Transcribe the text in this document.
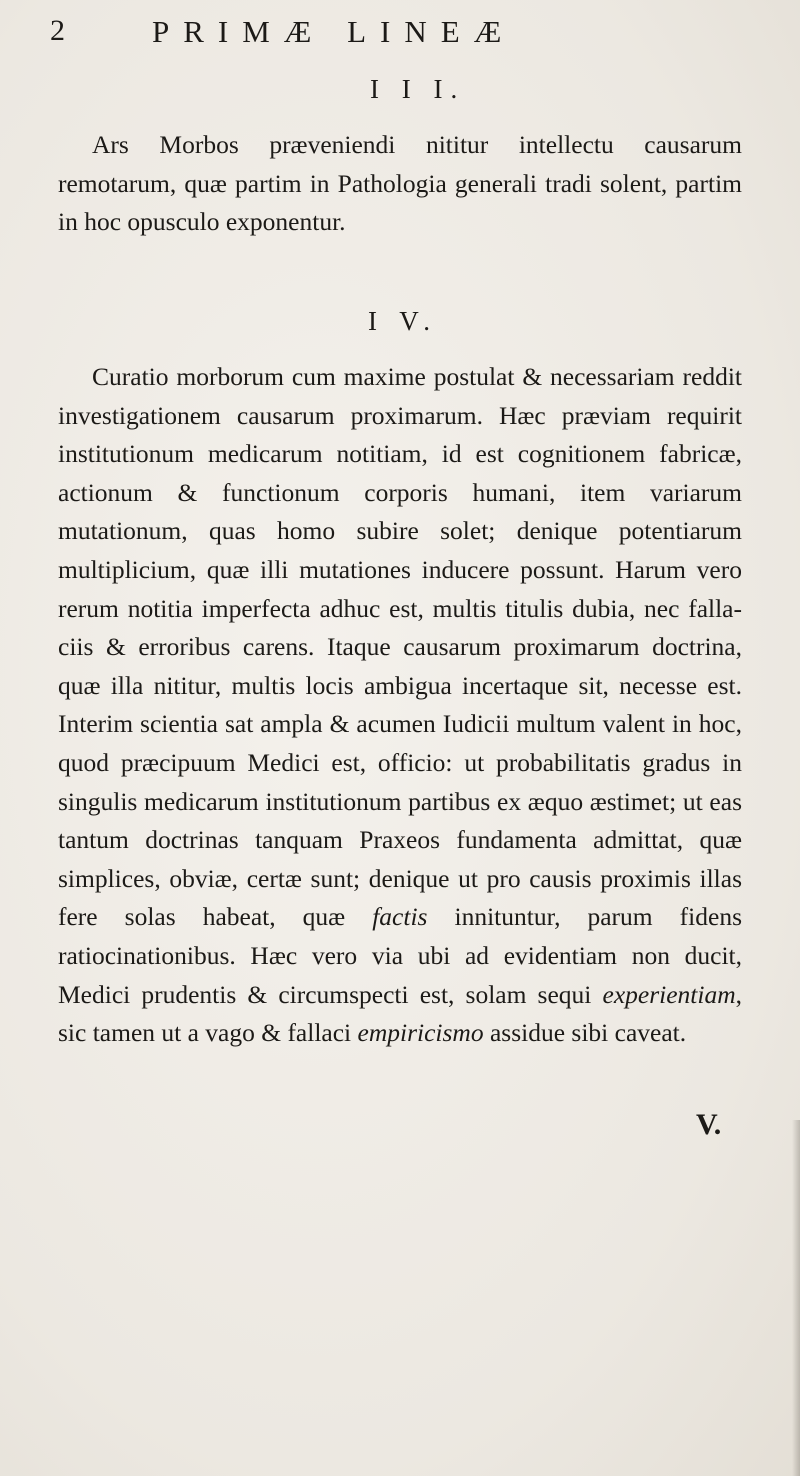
2	PRIMÆ LINEÆ
I I I.

Ars Morbos præveniendi nititur intellectu causarum remotarum, quæ partim in Pathologia generali tradi solent, partim in hoc opusculo exponentur.

I V.

Curatio morborum cum maxime postulat & necessariam reddit investigationem causarum proximarum. Hæc præviam requirit institutionum medicarum notitiam, id est cognitionem fabricæ, actionum & functionum corporis humani, item variarum mutationum, quas homo subire solet; denique potentiarum multiplicium, quæ illi mutationes inducere possunt. Harum vero rerum notitia imperfecta adhuc est, multis titulis dubia, nec fallaciis & erroribus carens. Itaque causarum proximarum doctrina, quæ illa nititur, multis locis ambigua incertaque sit, necesse est. Interim scientia sat ampla & acumen Iudicii multum valent in hoc, quod præcipuum Medici est, officio: ut probabilitatis gradus in singulis medicarum institutionum partibus ex æquo æstimet; ut eas tantum doctrinas tanquam Praxeos fundamenta admittat, quæ simplices, obviæ, certæ sunt; denique ut pro causis proximis illas fere solas habeat, quæ factis innituntur, parum fidens ratiocinationibus. Hæc vero via ubi ad evidentiam non ducit, Medici prudentis & circumspecti est, solam sequi experientiam, sic tamen ut a vago & fallaci empiricismo assidue sibi caveat.

V.
